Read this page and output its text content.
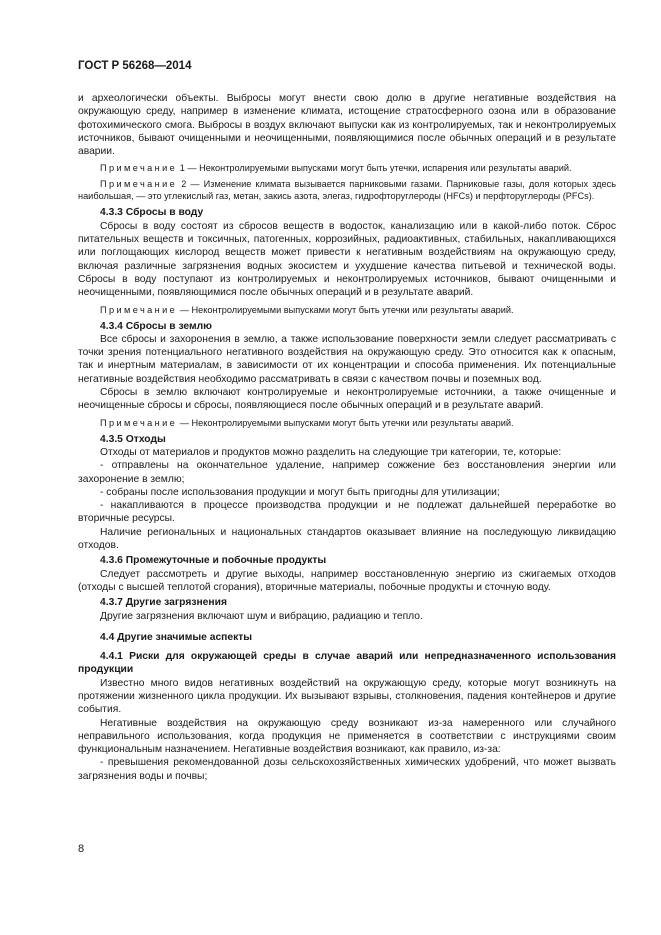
ГОСТ Р 56268—2014

и археологически объекты. Выбросы могут внести свою долю в другие негативные воздействия на окружающую среду, например в изменение климата, истощение стратосферного озона или в образование фотохимического смога. Выбросы в воздух включают выпуски как из контролируемых, так и неконтролируемых источников, бывают очищенными и неочищенными, появляющимися после обычных операций и в результате аварии.

Примечание 1 — Неконтролируемыми выпусками могут быть утечки, испарения или результаты аварий.

Примечание 2 — Изменение климата вызывается парниковыми газами. Парниковые газы, доля которых здесь наибольшая, — это углекислый газ, метан, закись азота, элегаз, гидрофторуглероды (HFCs) и перфторуглероды (PFCs).

4.3.3 Сбросы в воду

Сбросы в воду состоят из сбросов веществ в водосток, канализацию или в какой-либо поток. Сброс питательных веществ и токсичных, патогенных, коррозийных, радиоактивных, стабильных, накапливающихся или поглощающих кислород веществ может привести к негативным воздействиям на окружающую среду, включая различные загрязнения водных экосистем и ухудшение качества питьевой и технической воды. Сбросы в воду поступают из контролируемых и неконтролируемых источников, бывают очищенными и неочищенными, появляющимися после обычных операций и в результате аварий.

Примечание — Неконтролируемыми выпусками могут быть утечки или результаты аварий.

4.3.4 Сбросы в землю

Все сбросы и захоронения в землю, а также использование поверхности земли следует рассматривать с точки зрения потенциального негативного воздействия на окружающую среду. Это относится как к опасным, так и инертным материалам, в зависимости от их концентрации и способа применения. Их потенциальные негативные воздействия необходимо рассматривать в связи с качеством почвы и поземных вод.

Сбросы в землю включают контролируемые и неконтролируемые источники, а также очищенные и неочищенные сбросы и сбросы, появляющиеся после обычных операций и в результате аварий.

Примечание — Неконтролируемыми выпусками могут быть утечки или результаты аварий.

4.3.5 Отходы

Отходы от материалов и продуктов можно разделить на следующие три категории, те, которые:

- отправлены на окончательное удаление, например сожжение без восстановления энергии или захоронение в землю;

- собраны после использования продукции и могут быть пригодны для утилизации;

- накапливаются в процессе производства продукции и не подлежат дальнейшей переработке во вторичные ресурсы.

Наличие региональных и национальных стандартов оказывает влияние на последующую ликвидацию отходов.

4.3.6 Промежуточные и побочные продукты

Следует рассмотреть и другие выходы, например восстановленную энергию из сжигаемых отходов (отходы с высшей теплотой сгорания), вторичные материалы, побочные продукты и сточную воду.

4.3.7 Другие загрязнения

Другие загрязнения включают шум и вибрацию, радиацию и тепло.

4.4 Другие значимые аспекты

4.4.1 Риски для окружающей среды в случае аварий или непредназначенного использования продукции

Известно много видов негативных воздействий на окружающую среду, которые могут возникнуть на протяжении жизненного цикла продукции. Их вызывают взрывы, столкновения, падения контейнеров и другие события.

Негативные воздействия на окружающую среду возникают из-за намеренного или случайного неправильного использования, когда продукция не применяется в соответствии с инструкциями своим функциональным назначением. Негативные воздействия возникают, как правило, из-за:

- превышения рекомендованной дозы сельскохозяйственных химических удобрений, что может вызвать загрязнения воды и почвы;

8
